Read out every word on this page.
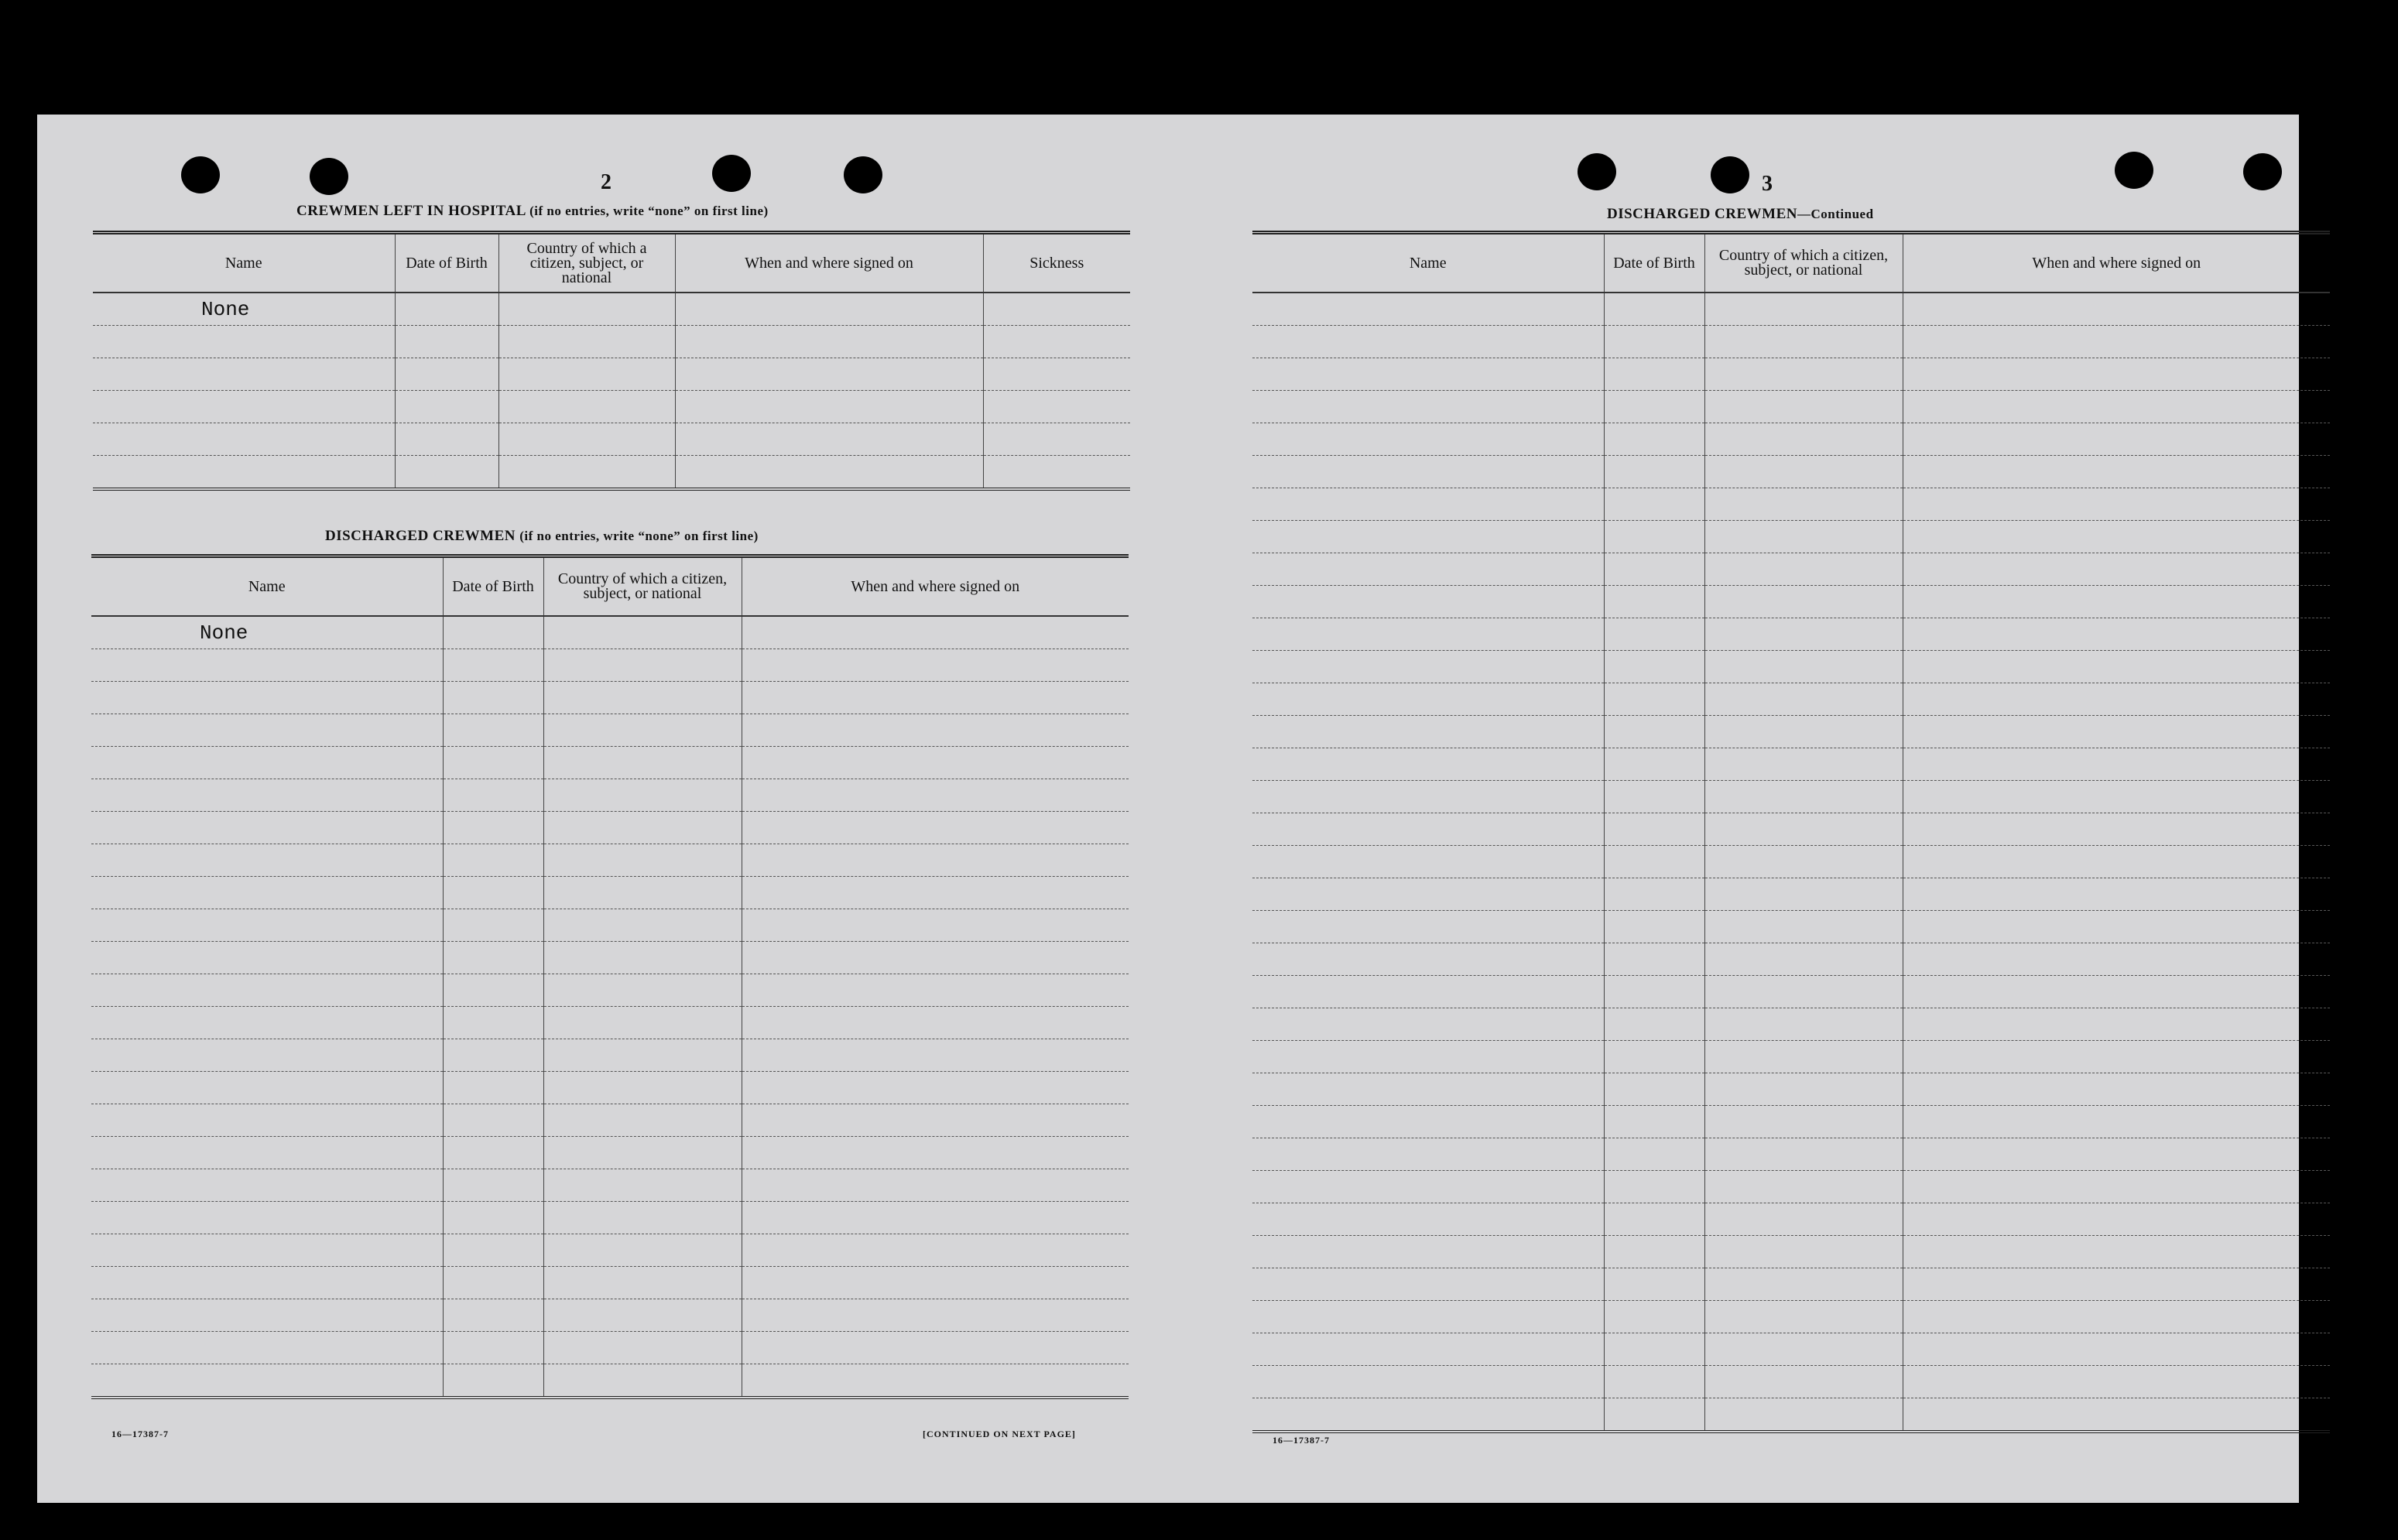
2
CREWMEN LEFT IN HOSPITAL (if no entries, write “none” on first line)
Name	Date of Birth	Country of which a citizen, subject, or national	When and where signed on	Sickness
None				

DISCHARGED CREWMEN (if no entries, write “none” on first line)
Name	Date of Birth	Country of which a citizen, subject, or national	When and where signed on
None			

16—17387-7	[CONTINUED ON NEXT PAGE]
3
DISCHARGED CREWMEN—Continued
Name	Date of Birth	Country of which a citizen, subject, or national	When and where signed on

16—17387-7
